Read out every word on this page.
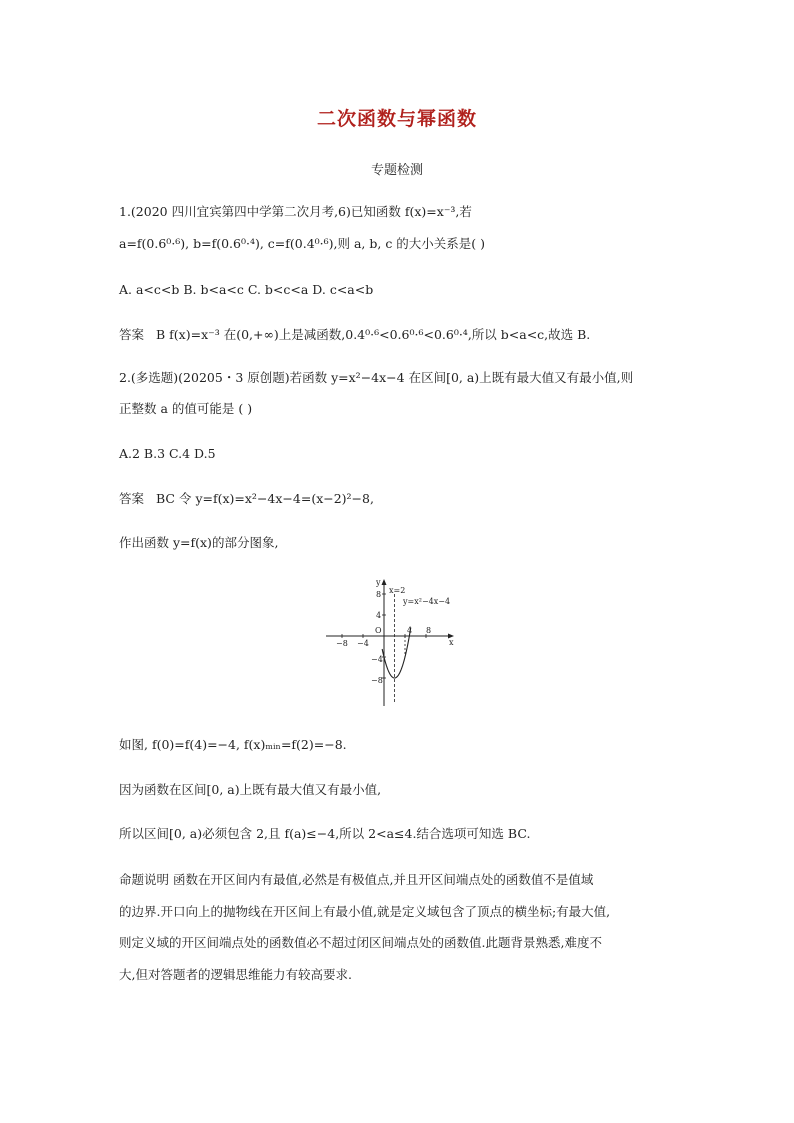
二次函数与幂函数
专题检测
1.(2020 四川宜宾第四中学第二次月考,6)已知函数 f(x)=x⁻³,若
a=f(0.6⁰·⁶), b=f(0.6⁰·⁴), c=f(0.4⁰·⁶),则 a, b, c 的大小关系是( )
A. a<c<b B. b<a<c C. b<c<a D. c<a<b
答案 B f(x)=x⁻³ 在(0,+∞)上是减函数,0.4⁰·⁶<0.6⁰·⁶<0.6⁰·⁴,所以 b<a<c,故选 B.
2.(多选题)(20205・3 原创题)若函数 y=x²−4x−4 在区间[0, a)上既有最大值又有最小值,则
正整数 a 的值可能是 ( )
A.2 B.3 C.4 D.5
答案 BC 令 y=f(x)=x²−4x−4=(x−2)²−8,
作出函数 y=f(x)的部分图象,
y
x
O
x=2
y=x²−4x−4
−8 −4
4 8
8
4
−4
−8
如图, f(0)=f(4)=−4, f(x)ₘᵢₙ=f(2)=−8.
因为函数在区间[0, a)上既有最大值又有最小值,
所以区间[0, a)必须包含 2,且 f(a)≤−4,所以 2<a≤4.结合选项可知选 BC.
命题说明 函数在开区间内有最值,必然是有极值点,并且开区间端点处的函数值不是值域
的边界.开口向上的抛物线在开区间上有最小值,就是定义域包含了顶点的横坐标;有最大值,
则定义域的开区间端点处的函数值必不超过闭区间端点处的函数值.此题背景熟悉,难度不
大,但对答题者的逻辑思维能力有较高要求.
